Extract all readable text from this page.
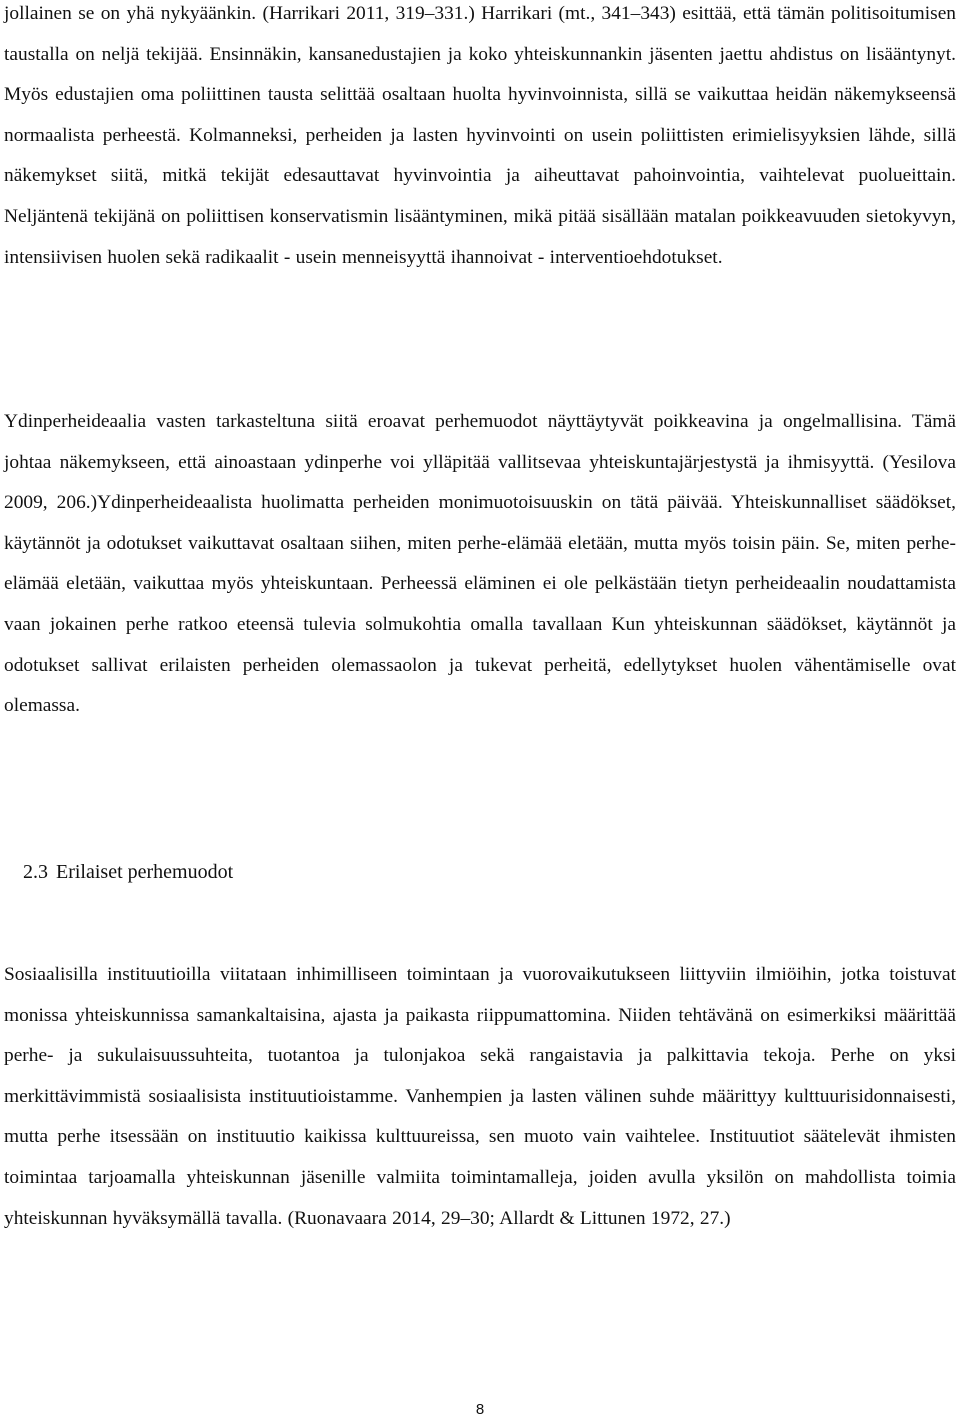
jollainen se on yhä nykyäänkin. (Harrikari 2011, 319–331.) Harrikari (mt., 341–343) esittää, että tämän politisoitumisen taustalla on neljä tekijää. Ensinnäkin, kansanedustajien ja koko yhteiskunnankin jäsenten jaettu ahdistus on lisääntynyt. Myös edustajien oma poliittinen tausta selittää osaltaan huolta hyvinvoinnista, sillä se vaikuttaa heidän näkemykseensä normaalista perheestä. Kolmanneksi, perheiden ja lasten hyvinvointi on usein poliittisten erimielisyyksien lähde, sillä näkemykset siitä, mitkä tekijät edesauttavat hyvinvointia ja aiheuttavat pahoinvointia, vaihtelevat puolueittain. Neljäntenä tekijänä on poliittisen konservatismin lisääntyminen, mikä pitää sisällään matalan poikkeavuuden sietokyvyn, intensiivisen huolen sekä radikaalit - usein menneisyyttä ihannoivat - interventioehdotukset.

Ydinperheideaalia vasten tarkasteltuna siitä eroavat perhemuodot näyttäytyvät poikkeavina ja ongelmallisina. Tämä johtaa näkemykseen, että ainoastaan ydinperhe voi ylläpitää vallitsevaa yhteiskuntajärjestystä ja ihmisyyttä. (Yesilova 2009, 206.)Ydinperheideaalista huolimatta perheiden monimuotoisuuskin on tätä päivää. Yhteiskunnalliset säädökset, käytännöt ja odotukset vaikuttavat osaltaan siihen, miten perhe-elämää eletään, mutta myös toisin päin. Se, miten perhe-elämää eletään, vaikuttaa myös yhteiskuntaan. Perheessä eläminen ei ole pelkästään tietyn perheideaalin noudattamista vaan jokainen perhe ratkoo eteensä tulevia solmukohtia omalla tavallaan Kun yhteiskunnan säädökset, käytännöt ja odotukset sallivat erilaisten perheiden olemassaolon ja tukevat perheitä, edellytykset huolen vähentämiselle ovat olemassa.

2.3 Erilaiset perhemuodot

Sosiaalisilla instituutioilla viitataan inhimilliseen toimintaan ja vuorovaikutukseen liittyviin ilmiöihin, jotka toistuvat monissa yhteiskunnissa samankaltaisina, ajasta ja paikasta riippumattomina. Niiden tehtävänä on esimerkiksi määrittää perhe- ja sukulaisuussuhteita, tuotantoa ja tulonjakoa sekä rangaistavia ja palkittavia tekoja. Perhe on yksi merkittävimmistä sosiaalisista instituutioistamme. Vanhempien ja lasten välinen suhde määrittyy kulttuurisidonnaisesti, mutta perhe itsessään on instituutio kaikissa kulttuureissa, sen muoto vain vaihtelee. Instituutiot säätelevät ihmisten toimintaa tarjoamalla yhteiskunnan jäsenille valmiita toimintamalleja, joiden avulla yksilön on mahdollista toimia yhteiskunnan hyväksymällä tavalla. (Ruonavaara 2014, 29–30; Allardt & Littunen 1972, 27.)

8
